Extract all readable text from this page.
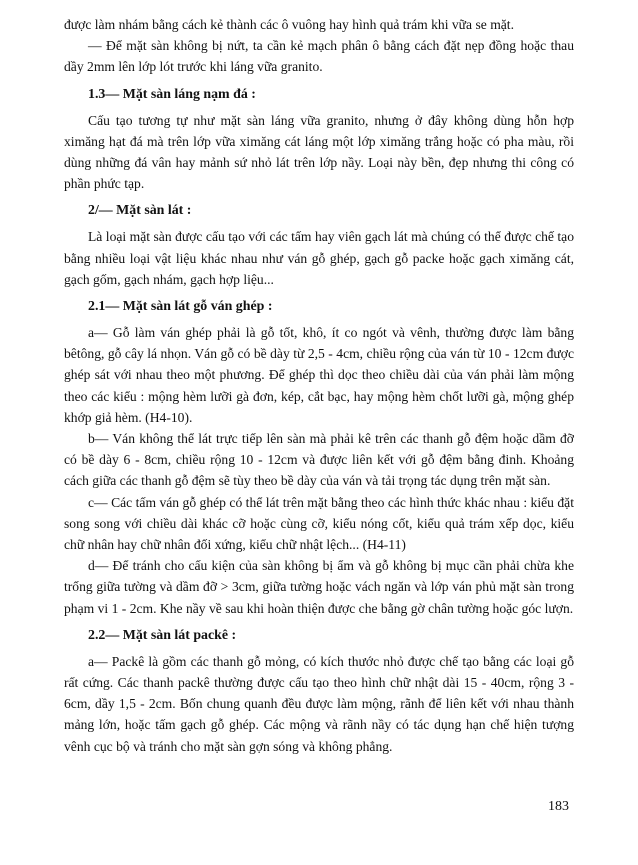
được làm nhám bằng cách kẻ thành các ô vuông hay hình quả trám khi vữa se mặt.

— Để mặt sàn không bị nứt, ta cần kẻ mạch phân ô bằng cách đặt nẹp đồng hoặc thau dầy 2mm lên lớp lót trước khi láng vữa granito.

1.3— Mặt sàn láng nạm đá :

Cấu tạo tương tự như mặt sàn láng vữa granito, nhưng ở đây không dùng hỗn hợp ximăng hạt đá mà trên lớp vữa ximăng cát láng một lớp ximăng trắng hoặc có pha màu, rồi dùng những đá vân hay mảnh sứ nhỏ lát trên lớp nầy. Loại này bền, đẹp nhưng thi công có phần phức tạp.

2/— Mặt sàn lát :

Là loại mặt sàn được cấu tạo với các tấm hay viên gạch lát mà chúng có thể được chế tạo bằng nhiều loại vật liệu khác nhau như ván gỗ ghép, gạch gỗ packe hoặc gạch ximăng cát, gạch gốm, gạch nhám, gạch hợp liệu...

2.1— Mặt sàn lát gỗ ván ghép :

a— Gỗ làm ván ghép phải là gỗ tốt, khô, ít co ngót và vênh, thường được làm bằng bêtông, gỗ cây lá nhọn. Ván gỗ có bề dày từ 2,5 - 4cm, chiều rộng của ván từ 10 - 12cm được ghép sát với nhau theo một phương. Để ghép thì dọc theo chiều dài của ván phải làm mộng theo các kiểu : mộng hèm lưỡi gà đơn, kép, cắt bạc, hay mộng hèm chốt lưỡi gà, mộng ghép khớp giả hèm. (H4-10).

b— Ván không thể lát trực tiếp lên sàn mà phải kê trên các thanh gỗ đệm hoặc dầm đỡ có bề dày 6 - 8cm, chiều rộng 10 - 12cm và được liên kết với gỗ đệm bằng đinh. Khoảng cách giữa các thanh gỗ đệm sẽ tùy theo bề dày của ván và tải trọng tác dụng trên mặt sàn.

c— Các tấm ván gỗ ghép có thể lát trên mặt bằng theo các hình thức khác nhau : kiểu đặt song song với chiều dài khác cỡ hoặc cùng cỡ, kiểu nóng cốt, kiểu quả trám xếp dọc, kiểu chữ nhân hay chữ nhân đối xứng, kiểu chữ nhật lệch... (H4-11)

d— Để tránh cho cấu kiện của sàn không bị ẩm và gỗ không bị mục cần phải chừa khe trống giữa tường và dầm đỡ > 3cm, giữa tường hoặc vách ngăn và lớp ván phủ mặt sàn trong phạm vi 1 - 2cm. Khe nầy về sau khi hoàn thiện được che bằng gờ chân tường hoặc góc lượn.

2.2— Mặt sàn lát packê :

a— Packê là gồm các thanh gỗ mỏng, có kích thước nhỏ được chế tạo bằng các loại gỗ rất cứng. Các thanh packê thường được cấu tạo theo hình chữ nhật dài 15 - 40cm, rộng 3 - 6cm, dầy 1,5 - 2cm. Bốn chung quanh đều được làm mộng, rãnh để liên kết với nhau thành mảng lớn, hoặc tấm gạch gỗ ghép. Các mộng và rãnh nầy có tác dụng hạn chế hiện tượng vênh cục bộ và tránh cho mặt sàn gợn sóng và không phẳng.

183
